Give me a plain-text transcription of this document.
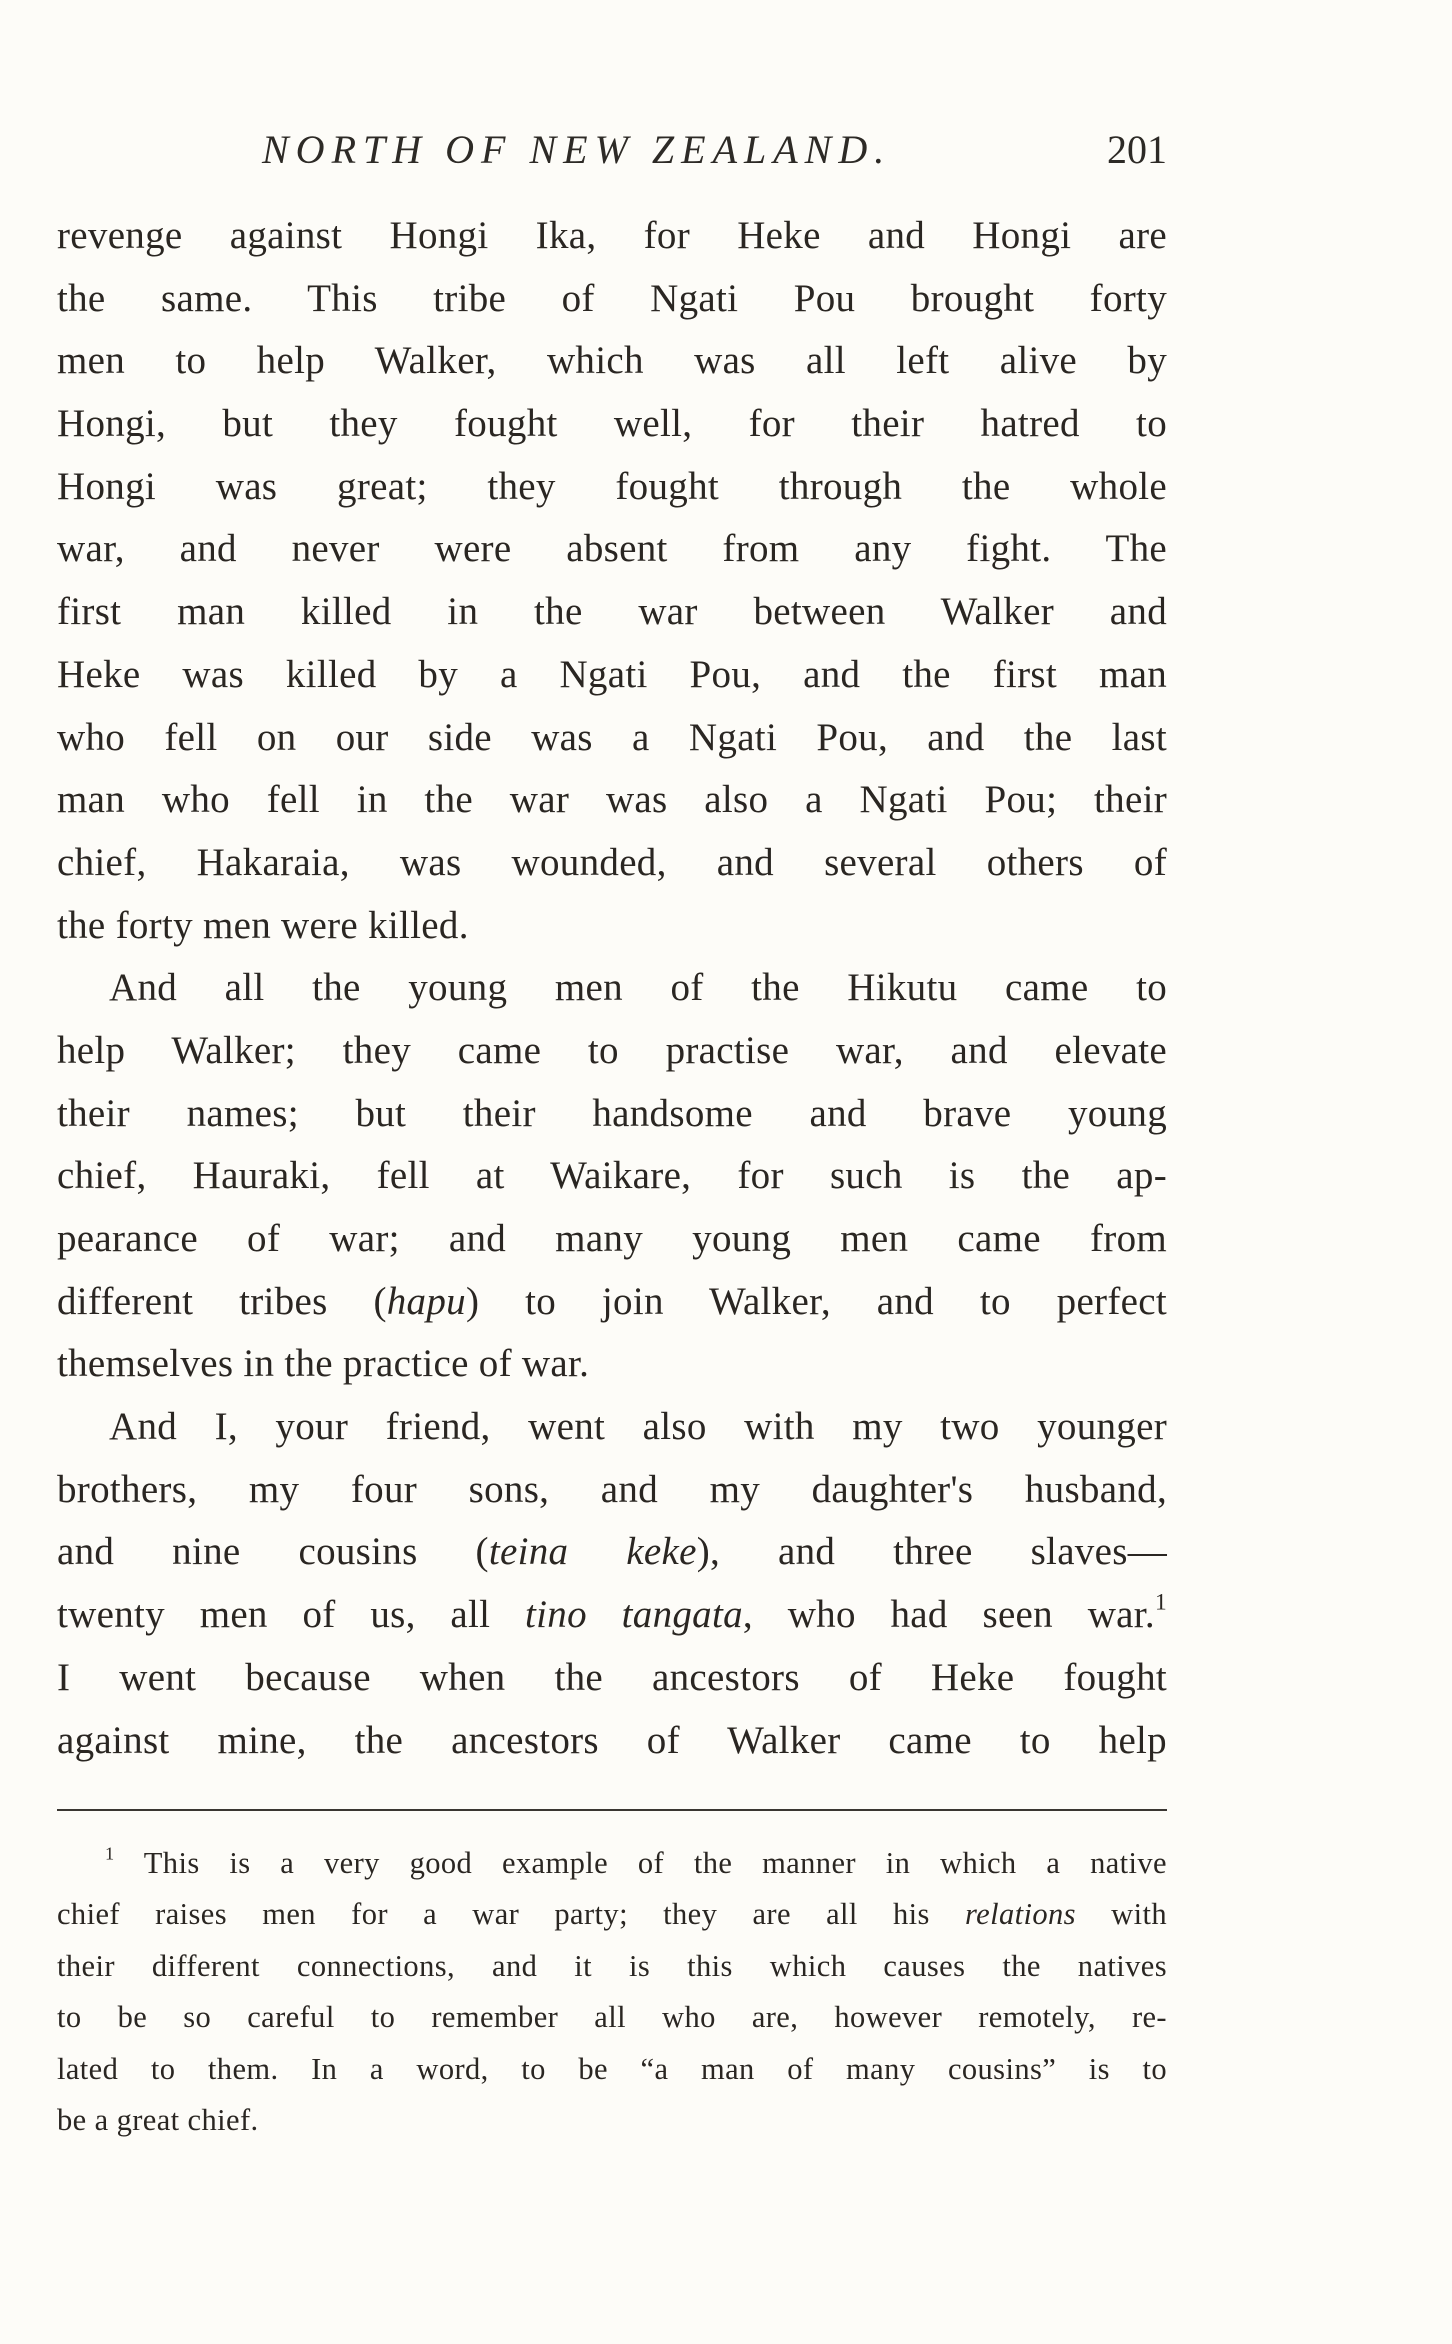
NORTH OF NEW ZEALAND.	201
revenge against Hongi Ika, for Heke and Hongi are
the same. This tribe of Ngati Pou brought forty
men to help Walker, which was all left alive by
Hongi, but they fought well, for their hatred to
Hongi was great; they fought through the whole
war, and never were absent from any fight. The
first man killed in the war between Walker and
Heke was killed by a Ngati Pou, and the first man
who fell on our side was a Ngati Pou, and the last
man who fell in the war was also a Ngati Pou; their
chief, Hakaraia, was wounded, and several others of
the forty men were killed.
And all the young men of the Hikutu came to
help Walker; they came to practise war, and elevate
their names; but their handsome and brave young
chief, Hauraki, fell at Waikare, for such is the ap-
pearance of war; and many young men came from
different tribes (hapu) to join Walker, and to perfect
themselves in the practice of war.
And I, your friend, went also with my two younger
brothers, my four sons, and my daughter's husband,
and nine cousins (teina keke), and three slaves—
twenty men of us, all tino tangata, who had seen war.$^1$
I went because when the ancestors of Heke fought
against mine, the ancestors of Walker came to help
$^1$ This is a very good example of the manner in which a native
chief raises men for a war party; they are all his relations with
their different connections, and it is this which causes the natives
to be so careful to remember all who are, however remotely, re-
lated to them. In a word, to be “a man of many cousins” is to
be a great chief.
